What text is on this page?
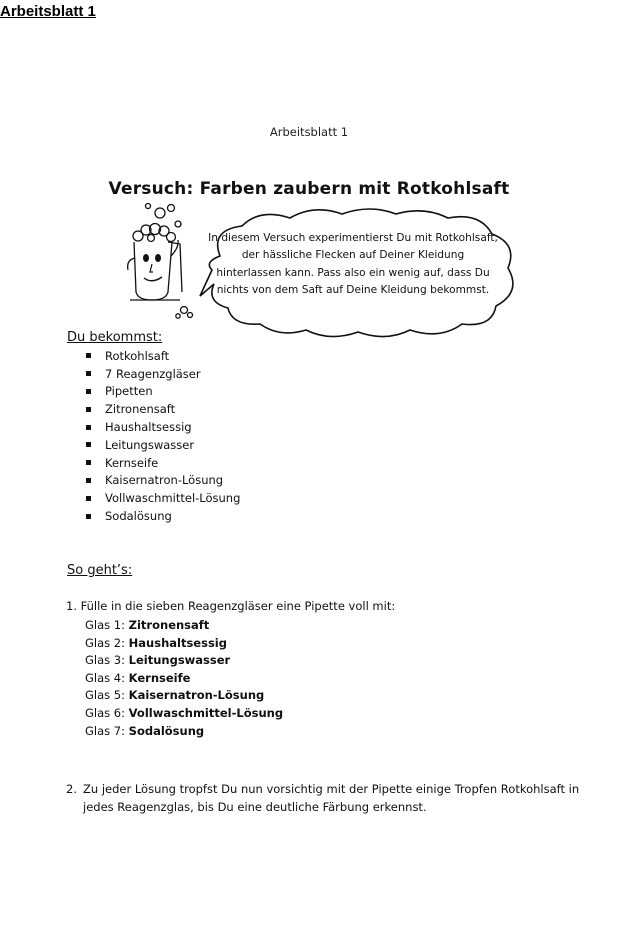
Arbeitsblatt 1
Arbeitsblatt 1
Versuch: Farben zaubern mit Rotkohlsaft
In diesem Versuch experimentierst Du mit Rotkohlsaft, der hässliche Flecken auf Deiner Kleidung hinterlassen kann. Pass also ein wenig auf, dass Du nichts von dem Saft auf Deine Kleidung bekommst.
Du bekommst:
Rotkohlsaft
7 Reagenzgläser
Pipetten
Zitronensaft
Haushaltsessig
Leitungswasser
Kernseife
Kaisernatron-Lösung
Vollwaschmittel-Lösung
Sodalösung
So geht’s:
1. Fülle in die sieben Reagenzgläser eine Pipette voll mit:
Glas 1: Zitronensaft
Glas 2: Haushaltsessig
Glas 3: Leitungswasser
Glas 4: Kernseife
Glas 5: Kaisernatron-Lösung
Glas 6: Vollwaschmittel-Lösung
Glas 7: Sodalösung
2. Zu jeder Lösung tropfst Du nun vorsichtig mit der Pipette einige Tropfen Rotkohlsaft in jedes Reagenzglas, bis Du eine deutliche Färbung erkennst.
